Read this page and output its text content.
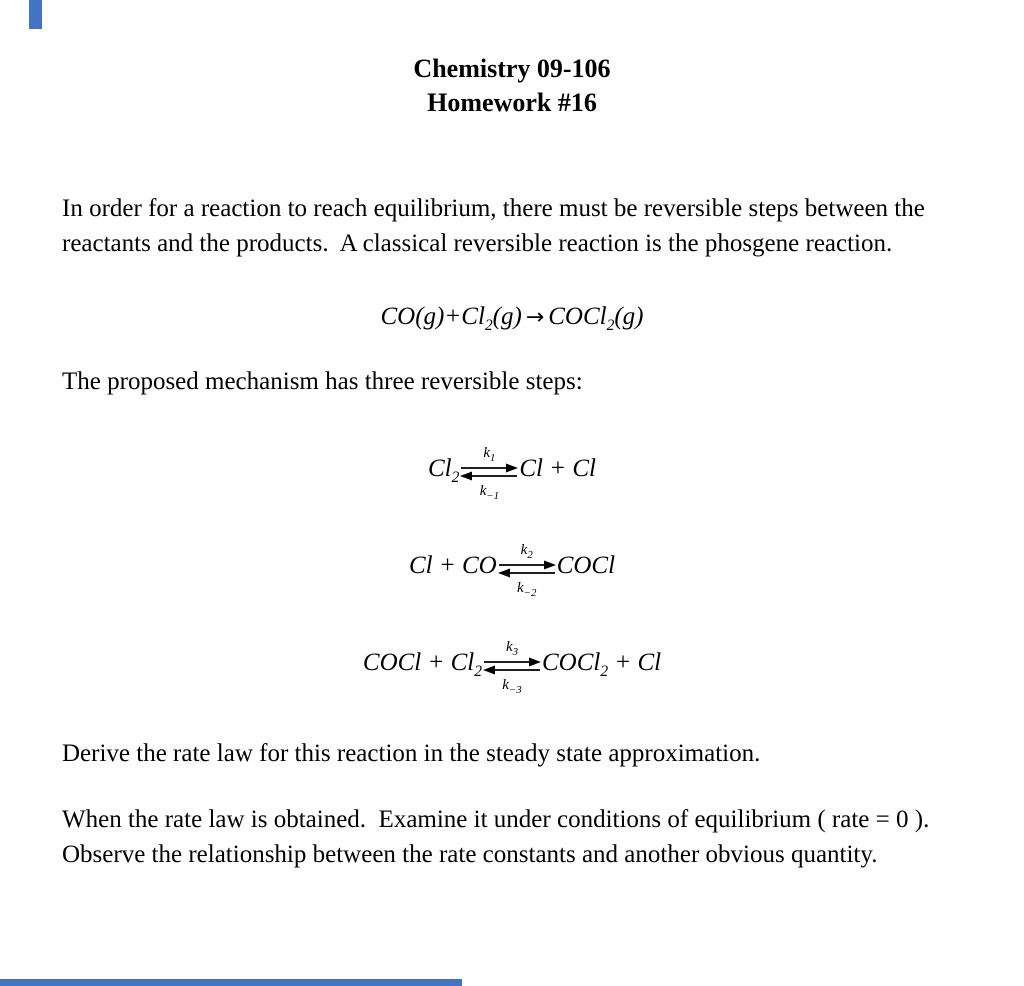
Chemistry 09-106
Homework #16

In order for a reaction to reach equilibrium, there must be reversible steps between the reactants and the products.  A classical reversible reaction is the phosgene reaction.

$CO(g)+Cl_2(g)$ → COCl$_2$(g)

The proposed mechanism has three reversible steps:

$Cl_2$
$k_1$
$k_{-1}$
Cl + Cl
Cl + CO
$k_2$
$k_{-2}$
COCl
COCl + $Cl_2$
$k_3$
$k_{-3}$
COCl$_2$ + Cl

Derive the rate law for this reaction in the steady state approximation.

When the rate law is obtained.  Examine it under conditions of equilibrium ( rate = 0 ).  Observe the relationship between the rate constants and another obvious quantity.
